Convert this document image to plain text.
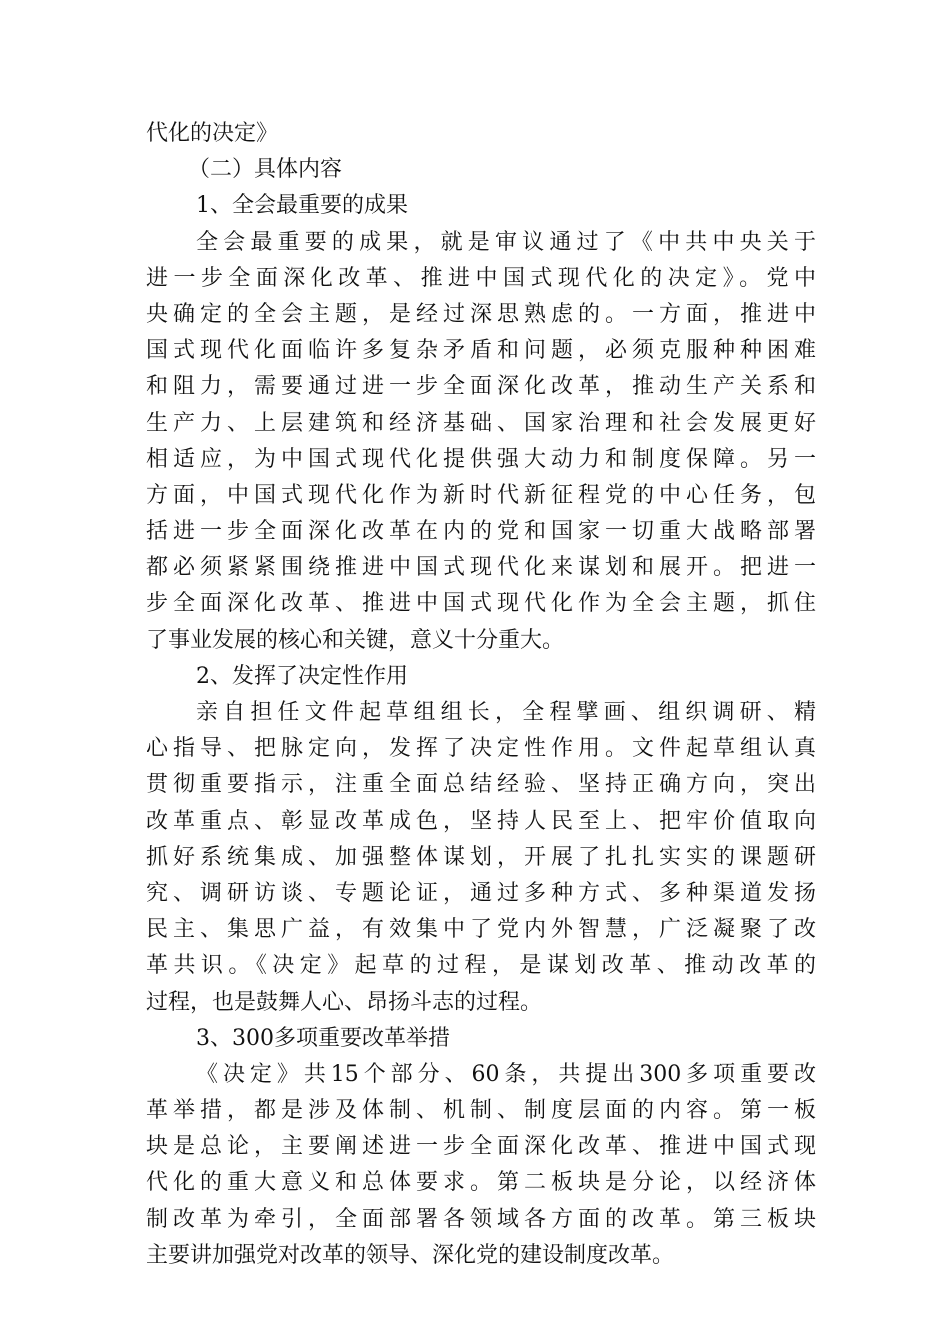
代化的决定》
（二）具体内容
1、全会最重要的成果
全会最重要的成果，就是审议通过了《中共中央关于
进一步全面深化改革、推进中国式现代化的决定》。党中
央确定的全会主题，是经过深思熟虑的。一方面，推进中
国式现代化面临许多复杂矛盾和问题，必须克服种种困难
和阻力，需要通过进一步全面深化改革，推动生产关系和
生产力、上层建筑和经济基础、国家治理和社会发展更好
相适应，为中国式现代化提供强大动力和制度保障。另一
方面，中国式现代化作为新时代新征程党的中心任务，包
括进一步全面深化改革在内的党和国家一切重大战略部署
都必须紧紧围绕推进中国式现代化来谋划和展开。把进一
步全面深化改革、推进中国式现代化作为全会主题，抓住
了事业发展的核心和关键，意义十分重大。
2、发挥了决定性作用
亲自担任文件起草组组长，全程擘画、组织调研、精
心指导、把脉定向，发挥了决定性作用。文件起草组认真
贯彻重要指示，注重全面总结经验、坚持正确方向，突出
改革重点、彰显改革成色，坚持人民至上、把牢价值取向
抓好系统集成、加强整体谋划，开展了扎扎实实的课题研
究、调研访谈、专题论证，通过多种方式、多种渠道发扬
民主、集思广益，有效集中了党内外智慧，广泛凝聚了改
革共识。《决定》起草的过程，是谋划改革、推动改革的
过程，也是鼓舞人心、昂扬斗志的过程。
3、300多项重要改革举措
《决定》共15个部分、60条，共提出300多项重要改
革举措，都是涉及体制、机制、制度层面的内容。第一板
块是总论，主要阐述进一步全面深化改革、推进中国式现
代化的重大意义和总体要求。第二板块是分论，以经济体
制改革为牵引，全面部署各领域各方面的改革。第三板块
主要讲加强党对改革的领导、深化党的建设制度改革。
